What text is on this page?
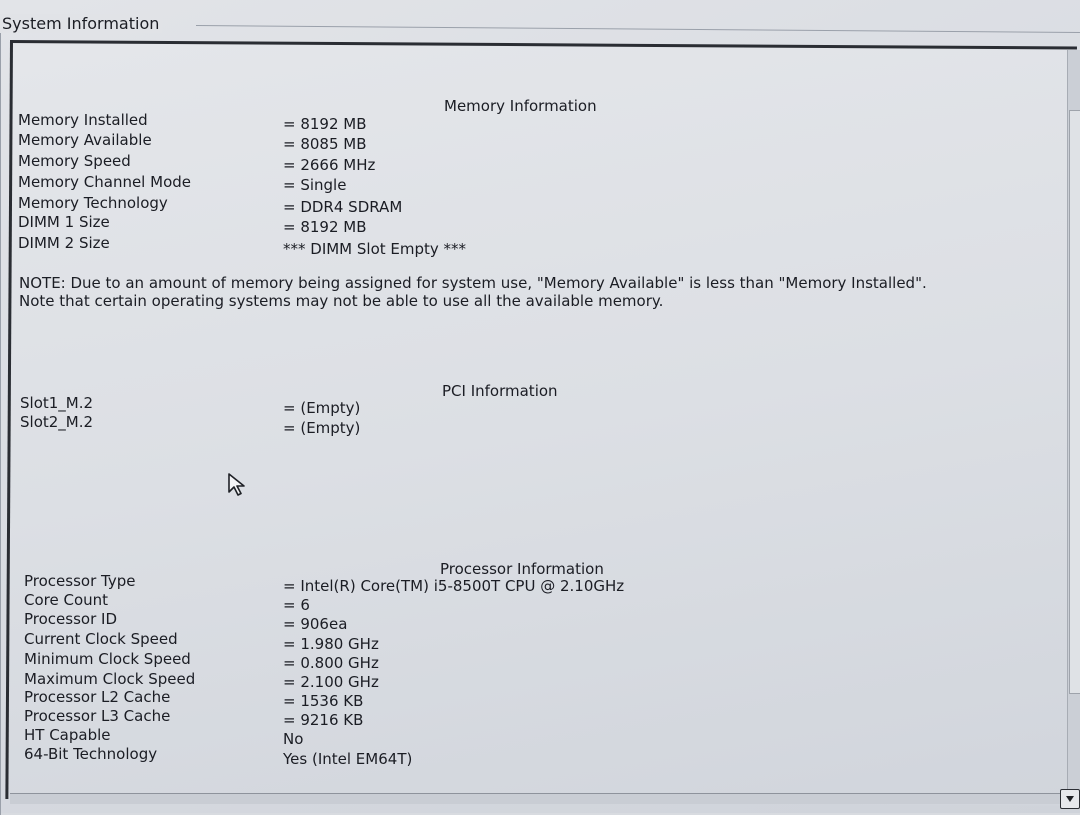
System Information
Memory Information
Memory Installed	= 8192 MB
Memory Available	= 8085 MB
Memory Speed	= 2666 MHz
Memory Channel Mode	= Single
Memory Technology	= DDR4 SDRAM
DIMM 1 Size	= 8192 MB
DIMM 2 Size	*** DIMM Slot Empty ***
NOTE: Due to an amount of memory being assigned for system use, "Memory Available" is less than "Memory Installed". Note that certain operating systems may not be able to use all the available memory.
PCI Information
Slot1_M.2	= (Empty)
Slot2_M.2	= (Empty)
Processor Information
Processor Type	= Intel(R) Core(TM) i5-8500T CPU @ 2.10GHz
Core Count	= 6
Processor ID	= 906ea
Current Clock Speed	= 1.980 GHz
Minimum Clock Speed	= 0.800 GHz
Maximum Clock Speed	= 2.100 GHz
Processor L2 Cache	= 1536 KB
Processor L3 Cache	= 9216 KB
HT Capable	No
64-Bit Technology	Yes (Intel EM64T)
